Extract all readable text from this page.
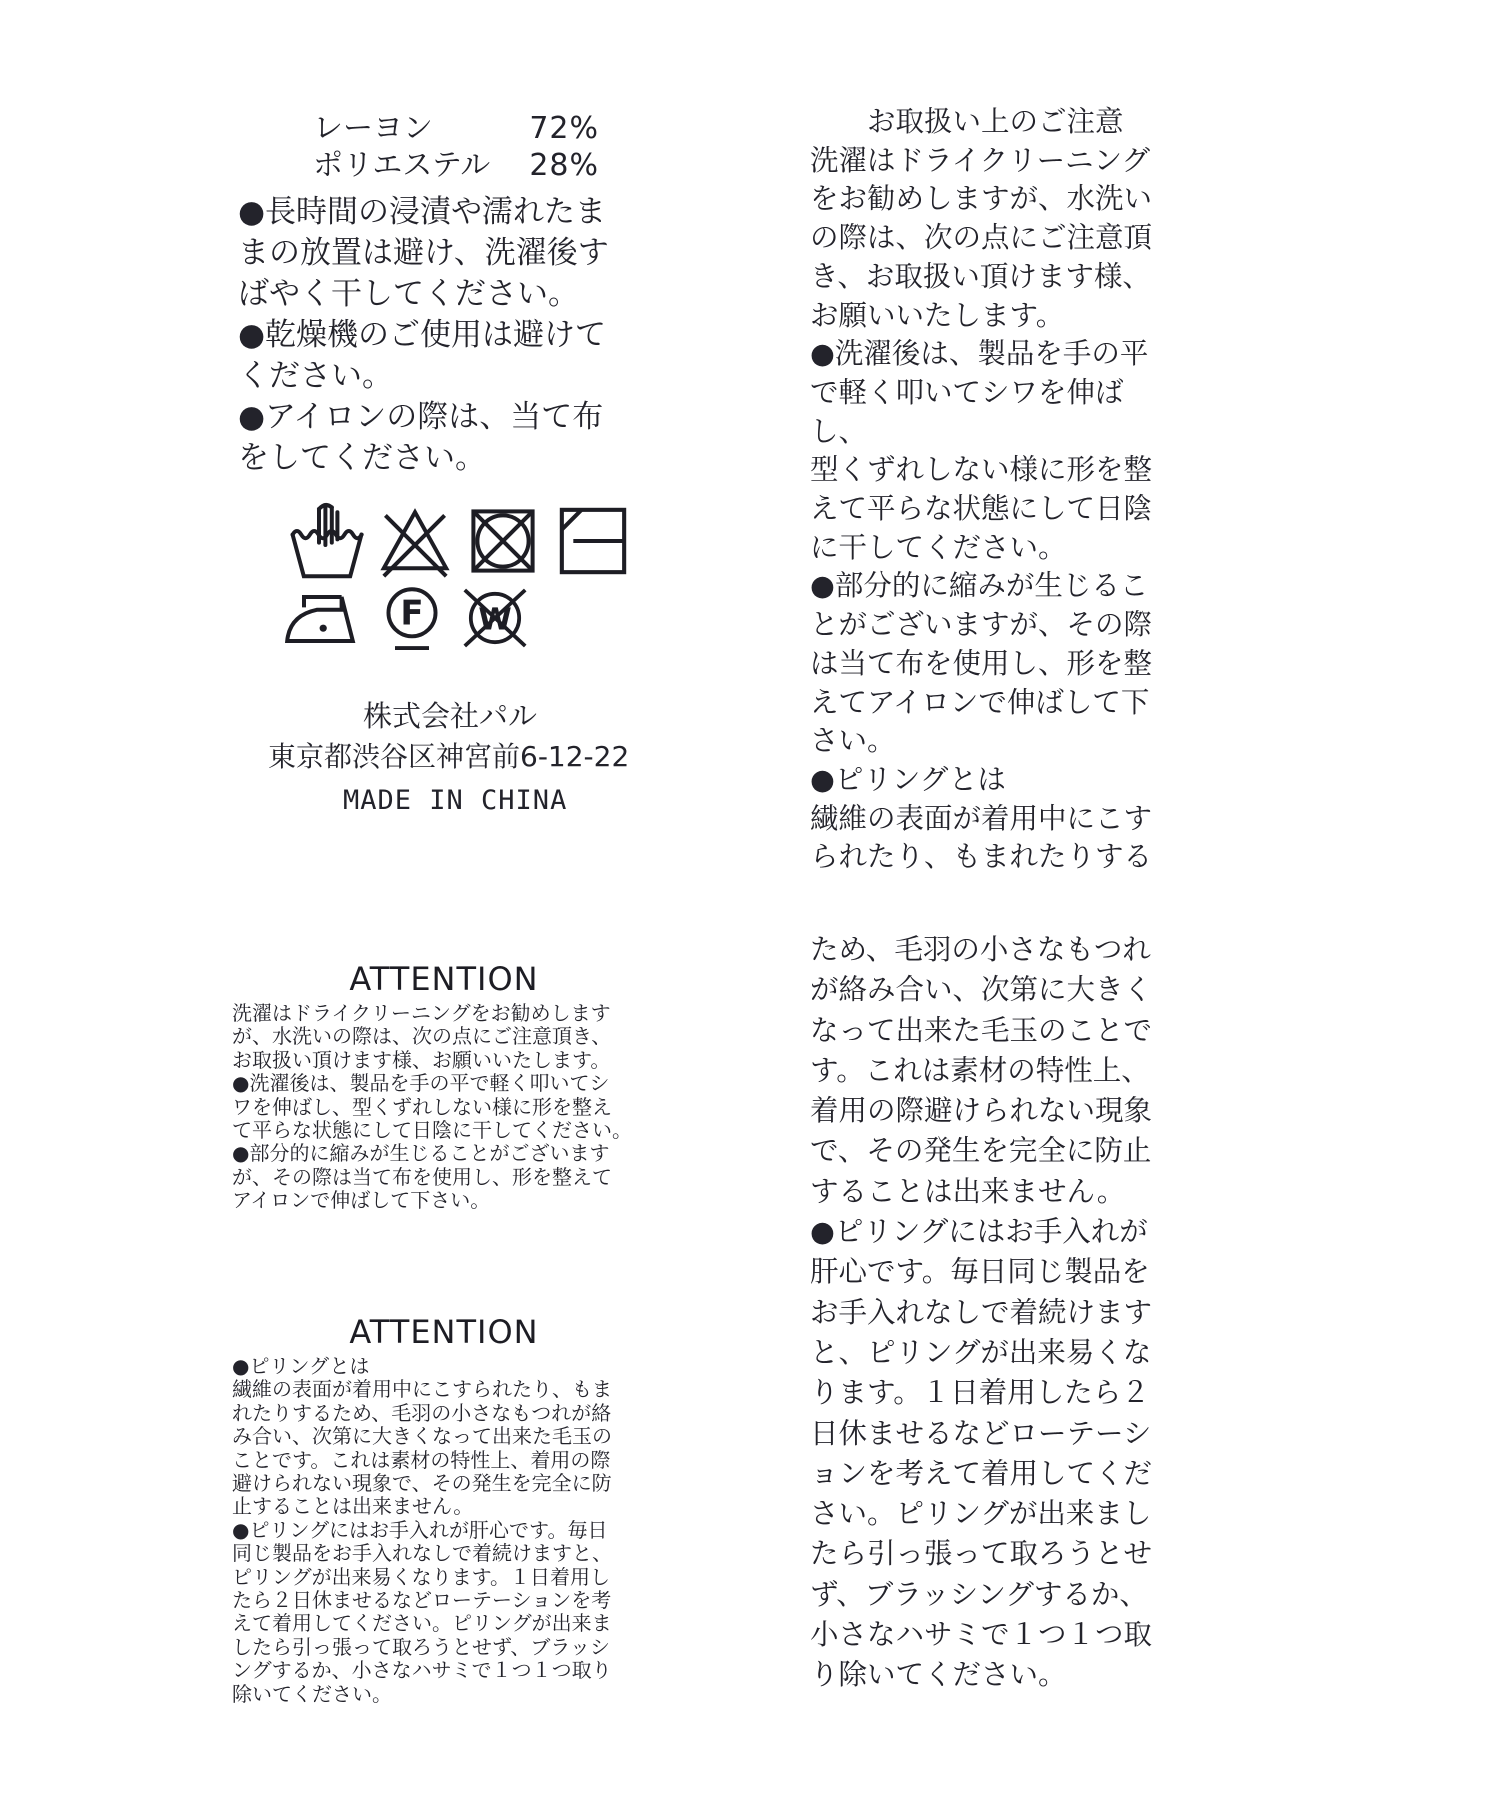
レーヨン	72%
ポリエステル 28%
●長時間の浸漬や濡れたま
まの放置は避け、洗濯後す
ばやく干してください。
●乾燥機のご使用は避けて
ください。
●アイロンの際は、当て布
をしてください。
F W
株式会社パル
東京都渋谷区神宮前6-12-22
MADE IN CHINA
ATTENTION
洗濯はドライクリーニングをお勧めします
が、水洗いの際は、次の点にご注意頂き、
お取扱い頂けます様、お願いいたします。
●洗濯後は、製品を手の平で軽く叩いてシ
ワを伸ばし、型くずれしない様に形を整え
て平らな状態にして日陰に干してください。
●部分的に縮みが生じることがございます
が、その際は当て布を使用し、形を整えて
アイロンで伸ばして下さい。
ATTENTION
●ピリングとは
繊維の表面が着用中にこすられたり、もま
れたりするため、毛羽の小さなもつれが絡
み合い、次第に大きくなって出来た毛玉の
ことです。これは素材の特性上、着用の際
避けられない現象で、その発生を完全に防
止することは出来ません。
●ピリングにはお手入れが肝心です。毎日
同じ製品をお手入れなしで着続けますと、
ピリングが出来易くなります。１日着用し
たら２日休ませるなどローテーションを考
えて着用してください。ピリングが出来ま
したら引っ張って取ろうとせず、ブラッシ
ングするか、小さなハサミで１つ１つ取り
除いてください。
お取扱い上のご注意
洗濯はドライクリーニング
をお勧めしますが、水洗い
の際は、次の点にご注意頂
き、お取扱い頂けます様、
お願いいたします。
●洗濯後は、製品を手の平
で軽く叩いてシワを伸ばし、
型くずれしない様に形を整
えて平らな状態にして日陰
に干してください。
●部分的に縮みが生じるこ
とがございますが、その際
は当て布を使用し、形を整
えてアイロンで伸ばして下
さい。
●ピリングとは
繊維の表面が着用中にこす
られたり、もまれたりする
ため、毛羽の小さなもつれ
が絡み合い、次第に大きく
なって出来た毛玉のことで
す。これは素材の特性上、
着用の際避けられない現象
で、その発生を完全に防止
することは出来ません。
●ピリングにはお手入れが
肝心です。毎日同じ製品を
お手入れなしで着続けます
と、ピリングが出来易くな
ります。１日着用したら２
日休ませるなどローテーシ
ョンを考えて着用してくだ
さい。ピリングが出来まし
たら引っ張って取ろうとせ
ず、ブラッシングするか、
小さなハサミで１つ１つ取
り除いてください。
